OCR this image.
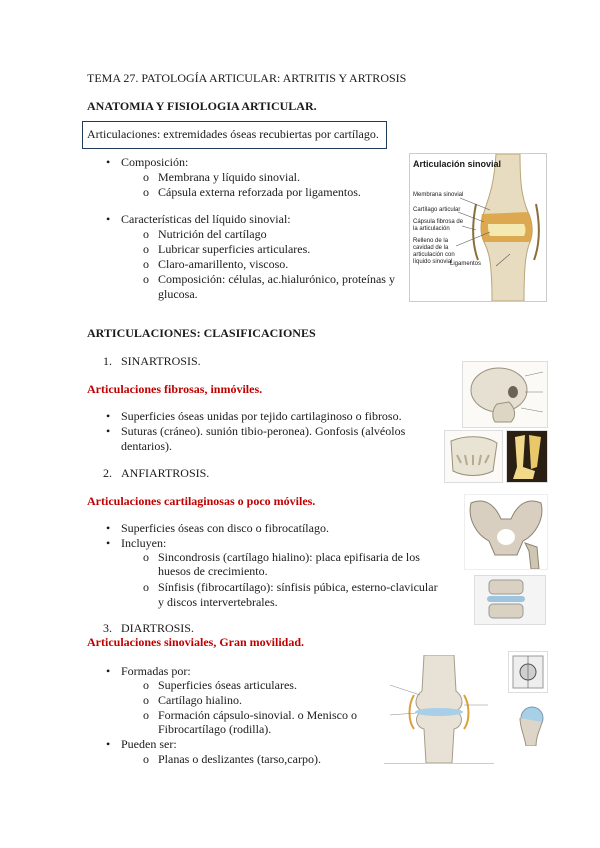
TEMA 27. PATOLOGÍA ARTICULAR: ARTRITIS Y ARTROSIS
ANATOMIA Y FISIOLOGIA ARTICULAR.
Articulaciones: extremidades óseas recubiertas por cartílago.
• Composición:
o Membrana y líquido sinovial.
o Cápsula externa reforzada por ligamentos.
• Características del líquido sinovial:
o Nutrición del cartílago
o Lubricar superficies articulares.
o Claro-amarillento, viscoso.
o Composición: células, ac.hialurónico, proteínas y
glucosa.
Articulación sinovial
Membrana sinovial
Cartílago articular
Cápsula fibrosa de
la articulación
Relleno de la
cavidad de la
articulación con
líquido sinovial
Ligamentos
ARTICULACIONES: CLASIFICACIONES
1. SINARTROSIS.
Articulaciones fibrosas, inmóviles.
• Superficies óseas unidas por tejido cartilaginoso o fibroso.
• Suturas (cráneo). sunión tibio-peronea). Gonfosis (alvéolos
dentarios).
2. ANFIARTROSIS.
Articulaciones cartilaginosas o poco móviles.
• Superficies óseas con disco o fibrocatílago.
• Incluyen:
o Sincondrosis (cartílago hialino): placa epifisaria de los
huesos de crecimiento.
o Sínfisis (fibrocartílago): sínfisis púbica, esterno-clavicular
y discos intervertebrales.
3. DIARTROSIS.
Articulaciones sinoviales, Gran movilidad.
• Formadas por:
o Superficies óseas articulares.
o Cartílago hialino.
o Formación cápsulo-sinovial. o Menisco o
Fibrocartílago (rodilla).
• Pueden ser:
o Planas o deslizantes (tarso,carpo).
